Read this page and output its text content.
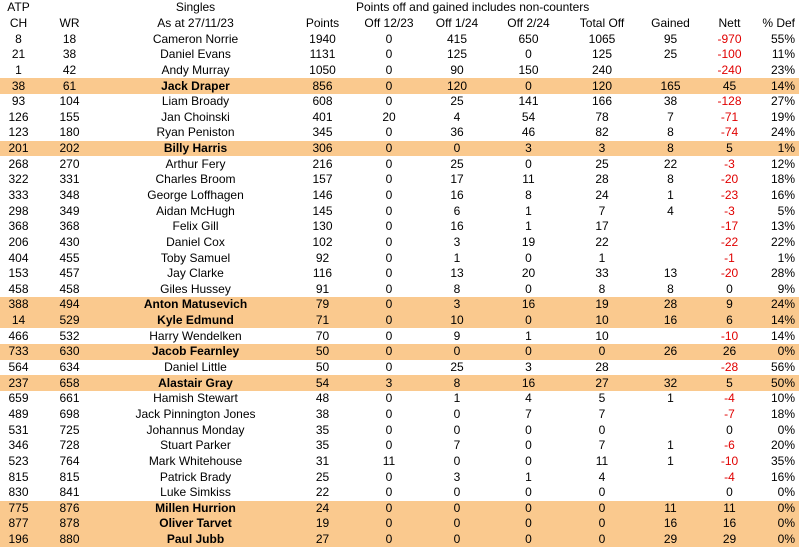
ATP		Singles		Points off and gained includes non-counters						
CH	WR	As at 27/11/23	Points	Off 12/23	Off 1/24	Off 2/24	Total Off	Gained	Nett	% Def
8	18	Cameron Norrie	1940	0	415	650	1065	95	-970	55%
21	38	Daniel Evans	1131	0	125	0	125	25	-100	11%
1	42	Andy Murray	1050	0	90	150	240		-240	23%
38	61	Jack Draper	856	0	120	0	120	165	45	14%
93	104	Liam Broady	608	0	25	141	166	38	-128	27%
126	155	Jan Choinski	401	20	4	54	78	7	-71	19%
123	180	Ryan Peniston	345	0	36	46	82	8	-74	24%
201	202	Billy Harris	306	0	0	3	3	8	5	1%
268	270	Arthur Fery	216	0	25	0	25	22	-3	12%
322	331	Charles Broom	157	0	17	11	28	8	-20	18%
333	348	George Loffhagen	146	0	16	8	24	1	-23	16%
298	349	Aidan McHugh	145	0	6	1	7	4	-3	5%
368	368	Felix Gill	130	0	16	1	17		-17	13%
206	430	Daniel Cox	102	0	3	19	22		-22	22%
404	455	Toby Samuel	92	0	1	0	1		-1	1%
153	457	Jay Clarke	116	0	13	20	33	13	-20	28%
458	458	Giles Hussey	91	0	8	0	8	8	0	9%
388	494	Anton Matusevich	79	0	3	16	19	28	9	24%
14	529	Kyle Edmund	71	0	10	0	10	16	6	14%
466	532	Harry Wendelken	70	0	9	1	10		-10	14%
733	630	Jacob Fearnley	50	0	0	0	0	26	26	0%
564	634	Daniel Little	50	0	25	3	28		-28	56%
237	658	Alastair Gray	54	3	8	16	27	32	5	50%
659	661	Hamish Stewart	48	0	1	4	5	1	-4	10%
489	698	Jack Pinnington Jones	38	0	0	7	7		-7	18%
531	725	Johannus Monday	35	0	0	0	0		0	0%
346	728	Stuart Parker	35	0	7	0	7	1	-6	20%
523	764	Mark Whitehouse	31	11	0	0	11	1	-10	35%
815	815	Patrick Brady	25	0	3	1	4		-4	16%
830	841	Luke Simkiss	22	0	0	0	0		0	0%
775	876	Millen Hurrion	24	0	0	0	0	11	11	0%
877	878	Oliver Tarvet	19	0	0	0	0	16	16	0%
196	880	Paul Jubb	27	0	0	0	0	29	29	0%
